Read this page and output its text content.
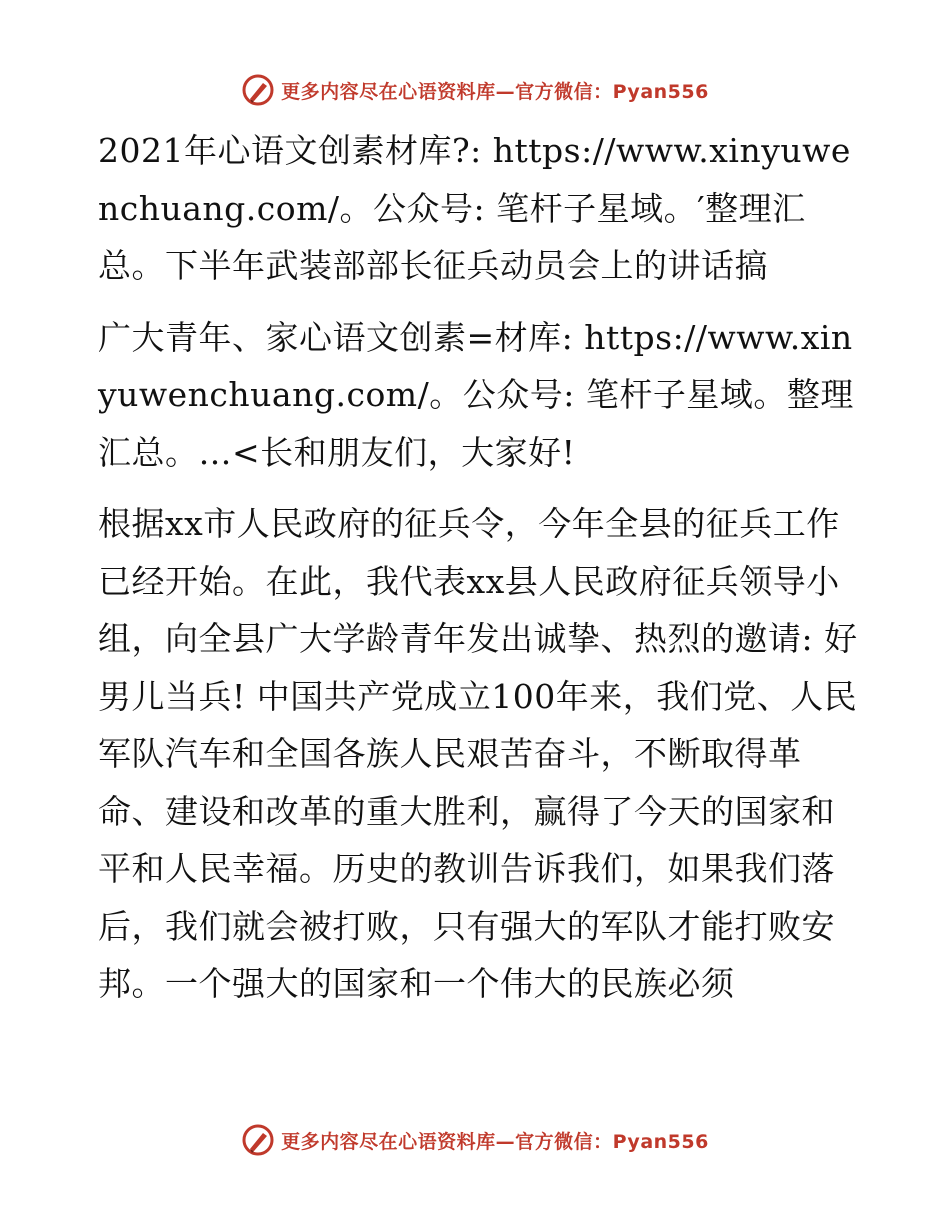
更多内容尽在心语资料库—官方微信：Pyan556

2021年心语文创素材库?: https://www.xinyuwenchuang.com/。公众号: 笔杆子星域。′整理汇总。下半年武装部部长征兵动员会上的讲话搞

广大青年、家心语文创素=材库: https://www.xinyuwenchuang.com/。公众号: 笔杆子星域。整理汇总。…<长和朋友们，大家好!

根据xx市人民政府的征兵令，今年全县的征兵工作已经开始。在此，我代表xx县人民政府征兵领导小组，向全县广大学龄青年发出诚挚、热烈的邀请: 好男儿当兵! 中国共产党成立100年来，我们党、人民军队汽车和全国各族人民艰苦奋斗，不断取得革命、建设和改革的重大胜利，赢得了今天的国家和平和人民幸福。历史的教训告诉我们，如果我们落后，我们就会被打败，只有强大的军队才能打败安邦。一个强大的国家和一个伟大的民族必须

更多内容尽在心语资料库—官方微信：Pyan556
